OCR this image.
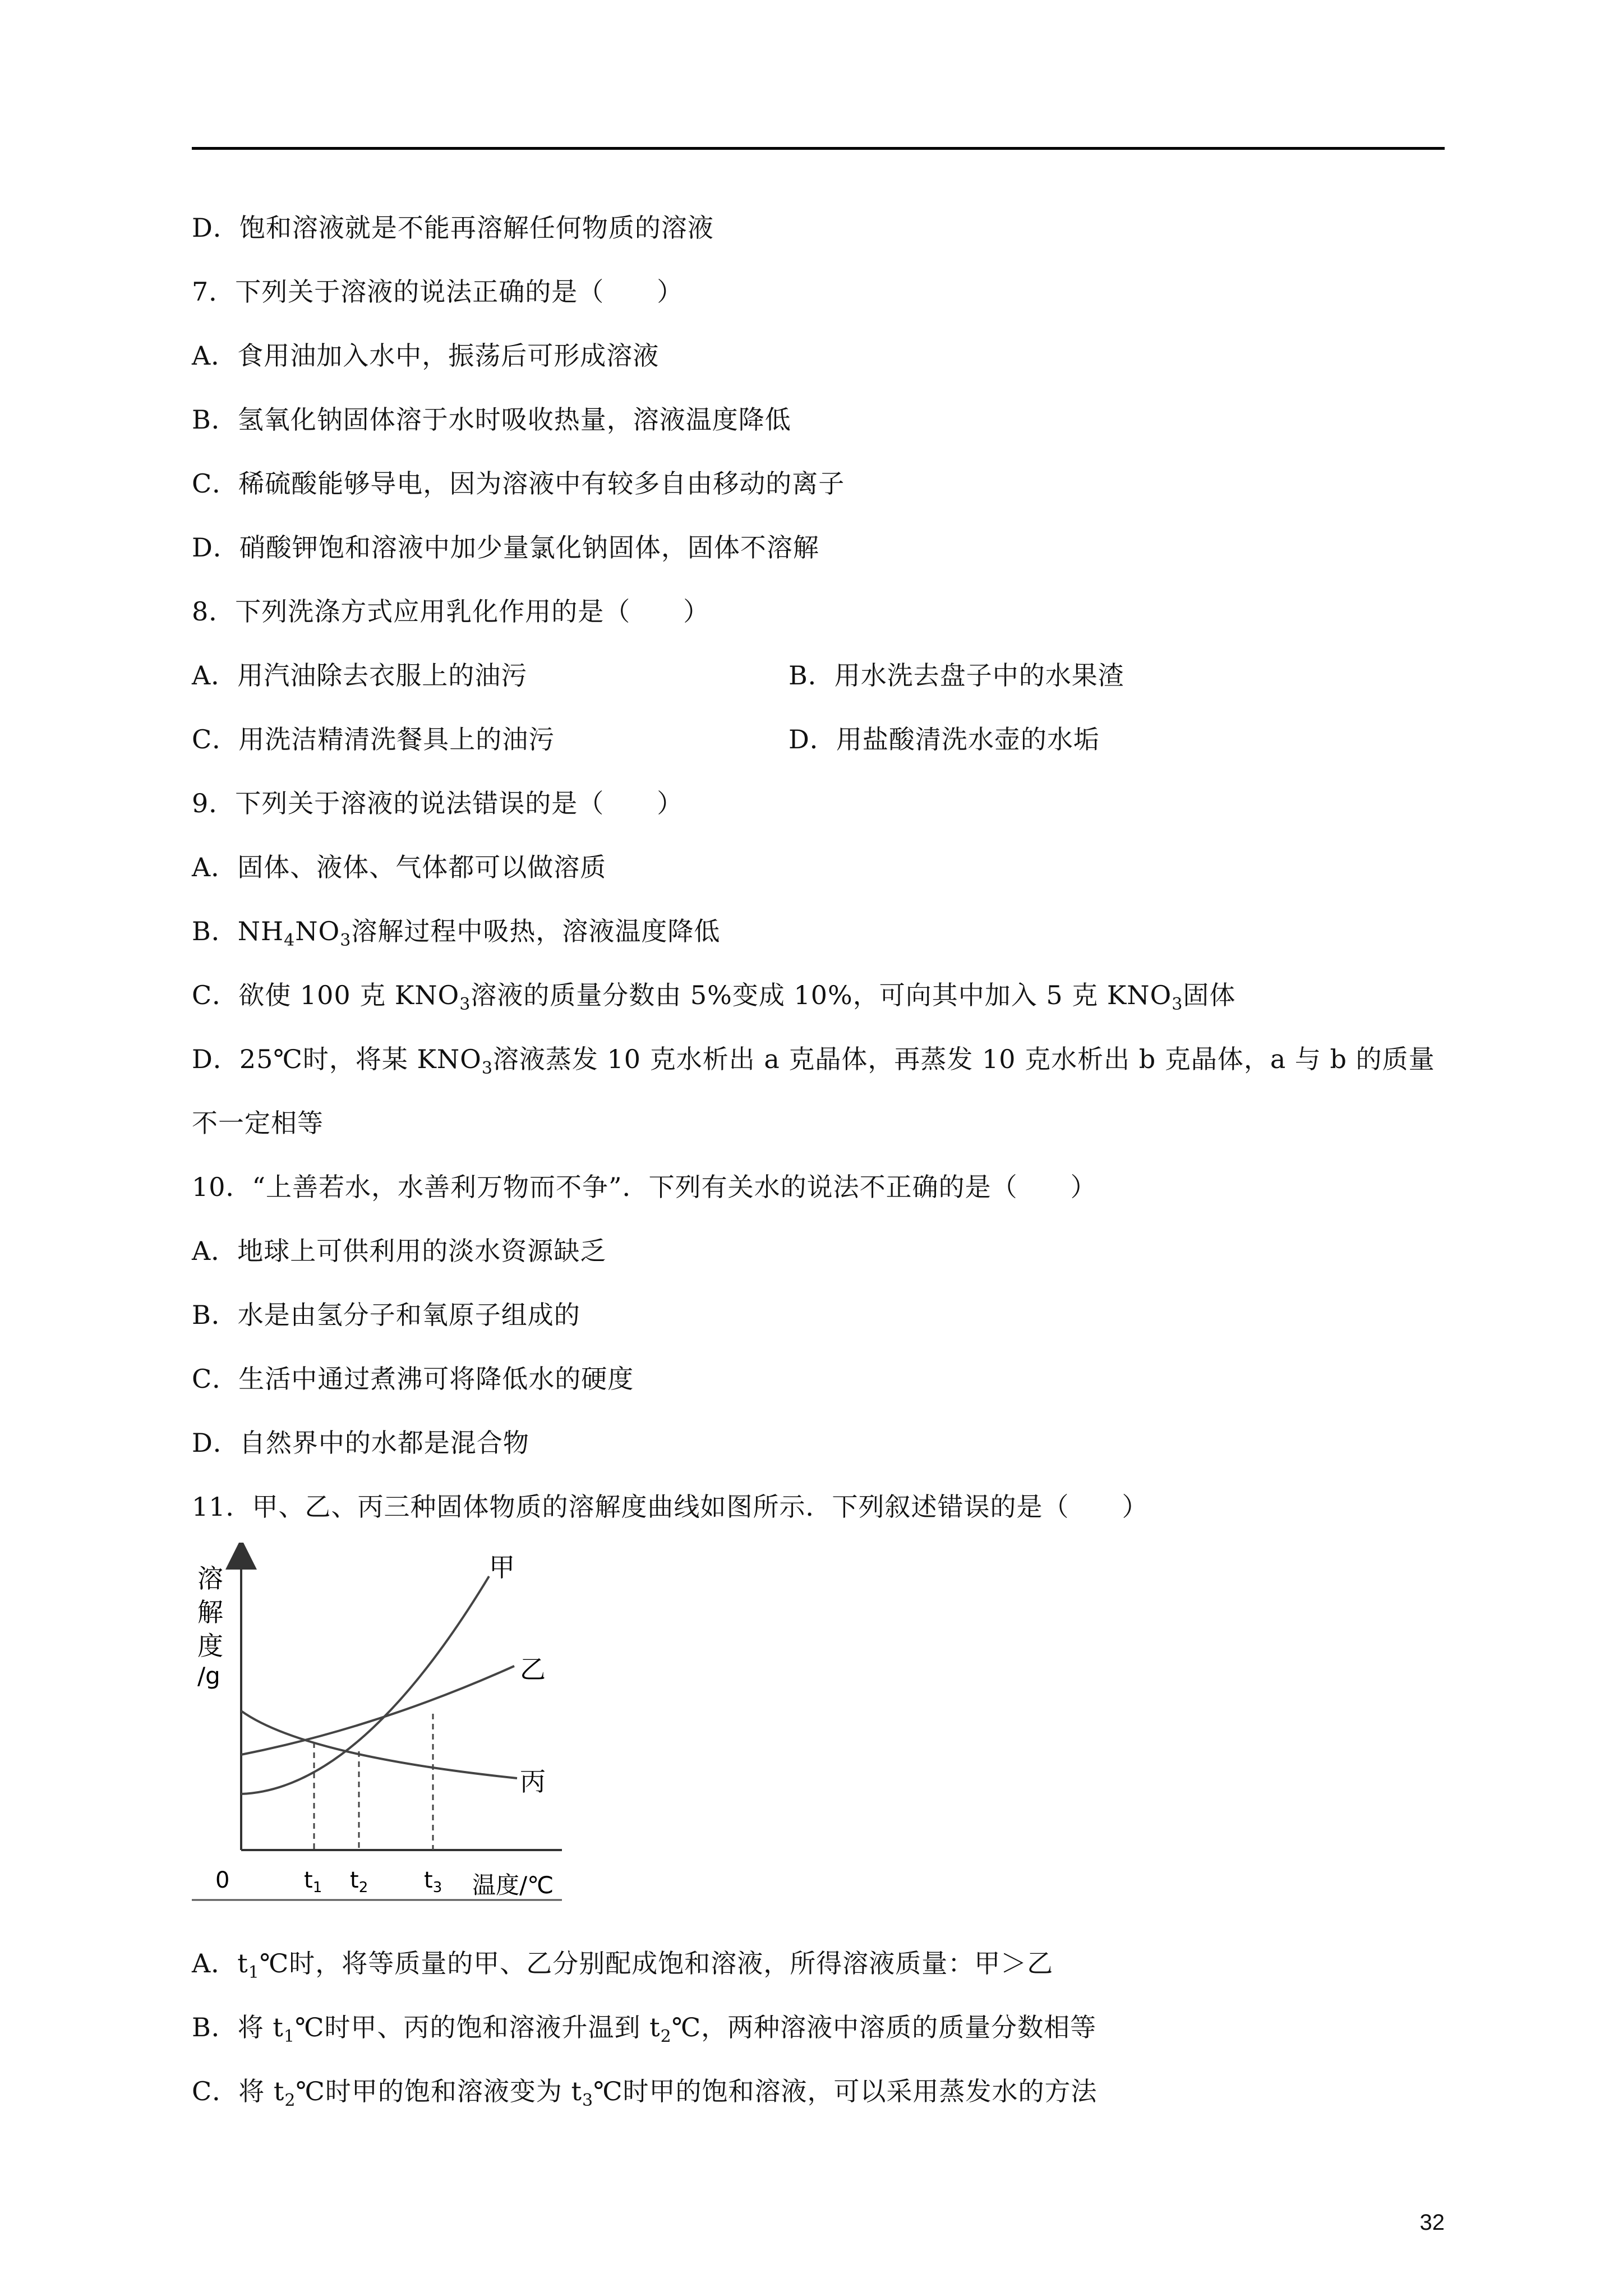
D．饱和溶液就是不能再溶解任何物质的溶液
7．下列关于溶液的说法正确的是（　　）
A．食用油加入水中，振荡后可形成溶液
B．氢氧化钠固体溶于水时吸收热量，溶液温度降低
C．稀硫酸能够导电，因为溶液中有较多自由移动的离子
D．硝酸钾饱和溶液中加少量氯化钠固体，固体不溶解
8．下列洗涤方式应用乳化作用的是（　　）
A．用汽油除去衣服上的油污	B．用水洗去盘子中的水果渣
C．用洗洁精清洗餐具上的油污	D．用盐酸清洗水壶的水垢
9．下列关于溶液的说法错误的是（　　）
A．固体、液体、气体都可以做溶质
B．$NH_4NO_3$溶解过程中吸热，溶液温度降低
C．欲使 100 克 $KNO_3$溶液的质量分数由 5%变成 10%，可向其中加入 5 克 $KNO_3$固体
D．25℃时，将某 $KNO_3$溶液蒸发 10 克水析出 a 克晶体，再蒸发 10 克水析出 b 克晶体，a 与 b 的质量
不一定相等
10．“上善若水，水善利万物而不争”．下列有关水的说法不正确的是（　　）
A．地球上可供利用的淡水资源缺乏
B．水是由氢分子和氧原子组成的
C．生活中通过煮沸可将降低水的硬度
D．自然界中的水都是混合物
11．甲、乙、丙三种固体物质的溶解度曲线如图所示．下列叙述错误的是（　　）
溶
解
度
/g
甲
乙
丙
0	$t_1$ $t_2$ $t_3$ 温度/℃
A．$t_1℃$时，将等质量的甲、乙分别配成饱和溶液，所得溶液质量：甲＞乙
B．将 $t_1℃$时甲、丙的饱和溶液升温到 $t_2℃$，两种溶液中溶质的质量分数相等
C．将 $t_2℃$时甲的饱和溶液变为 $t_3℃$时甲的饱和溶液，可以采用蒸发水的方法
32
